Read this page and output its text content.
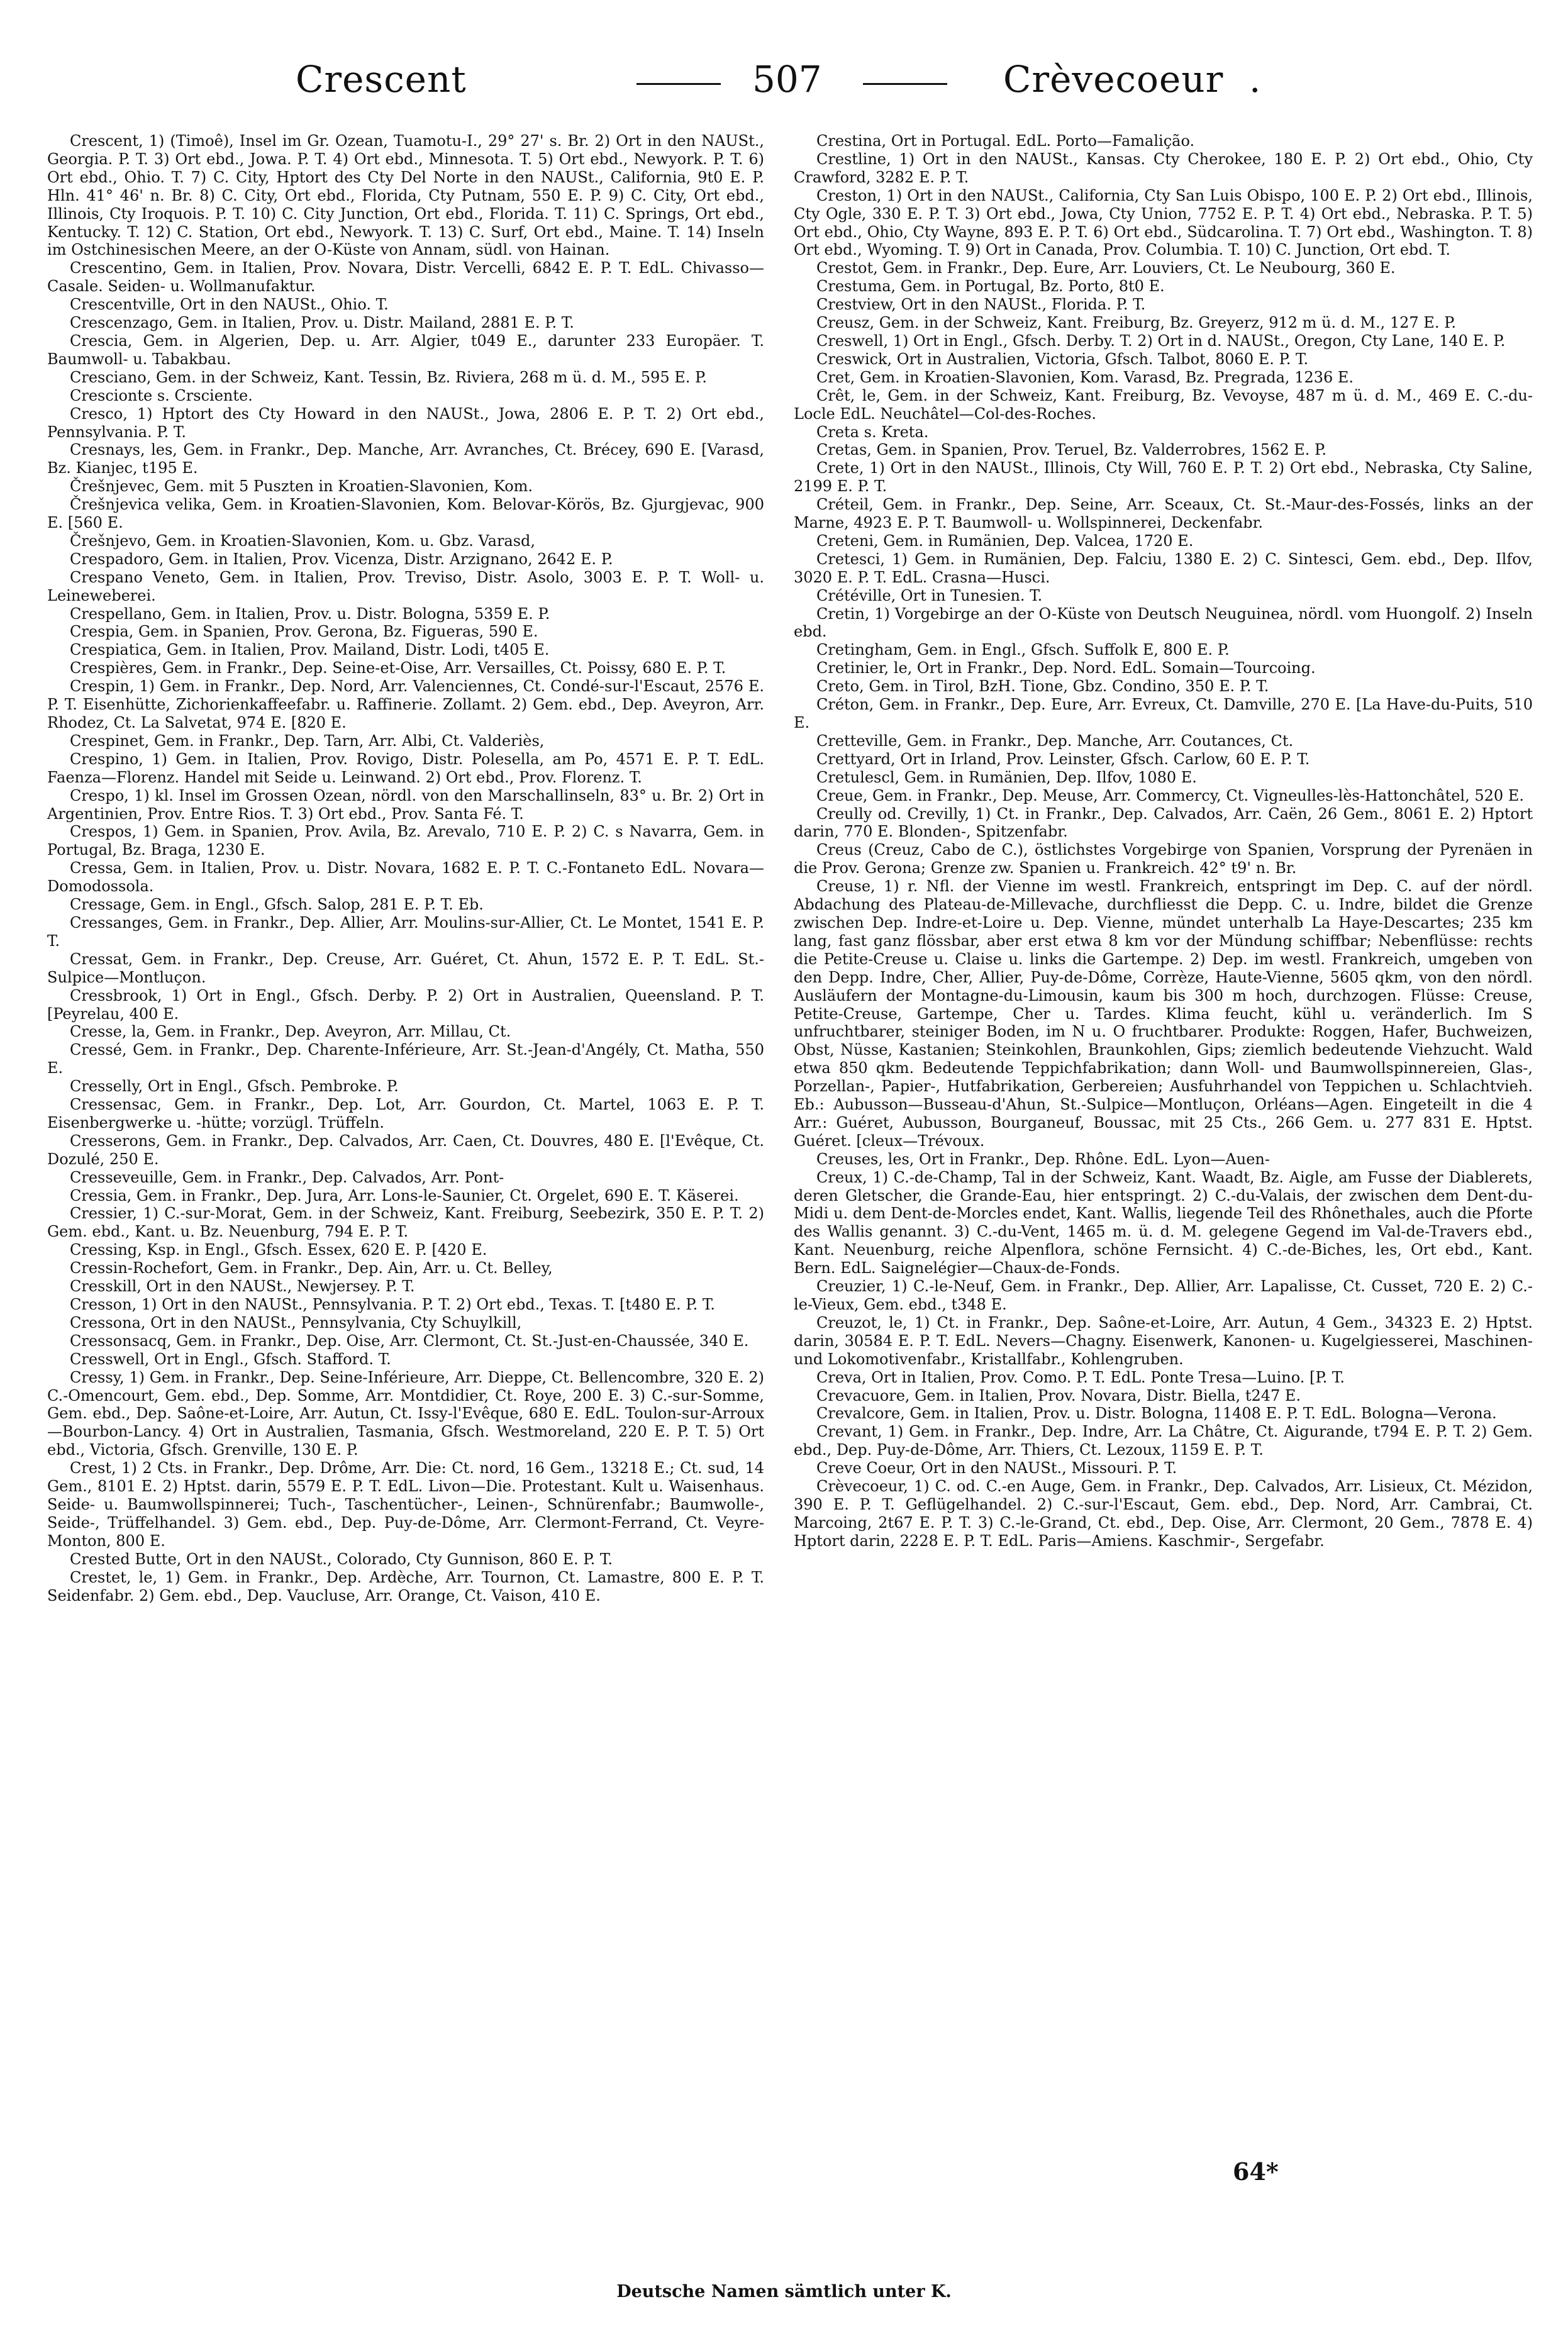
Crescent	507	Crèvecoeur .

Crescent, 1) (Timoê), Insel im Gr. Ozean, Tuamotu-I., 29° 27' s. Br. 2) Ort in den NAUSt., Georgia. P. T. 3) Ort ebd., Jowa. P. T. 4) Ort ebd., Minnesota. T. 5) Ort ebd., Newyork. P. T. 6) Ort ebd., Ohio. T. 7) C. City, Hptort des Cty Del Norte in den NAUSt., California, 9t0 E. P. Hln. 41° 46' n. Br. 8) C. City, Ort ebd., Florida, Cty Putnam, 550 E. P. 9) C. City, Ort ebd., Illinois, Cty Iroquois. P. T. 10) C. City Junction, Ort ebd., Florida. T. 11) C. Springs, Ort ebd., Kentucky. T. 12) C. Station, Ort ebd., Newyork. T. 13) C. Surf, Ort ebd., Maine. T. 14) Inseln im Ostchinesischen Meere, an der O-Küste von Annam, südl. von Hainan.

Crescentino, Gem. in Italien, Prov. Novara, Distr. Vercelli, 6842 E. P. T. EdL. Chivasso—Casale. Seiden- u. Wollmanufaktur.

Crescentville, Ort in den NAUSt., Ohio. T.

Crescenzago, Gem. in Italien, Prov. u. Distr. Mailand, 2881 E. P. T.

Crescia, Gem. in Algerien, Dep. u. Arr. Algier, t049 E., darunter 233 Europäer. T. Baumwoll- u. Tabakbau.

Cresciano, Gem. in der Schweiz, Kant. Tessin, Bz. Riviera, 268 m ü. d. M., 595 E. P.

Crescionte s. Crsciente.

Cresco, 1) Hptort des Cty Howard in den NAUSt., Jowa, 2806 E. P. T. 2) Ort ebd., Pennsylvania. P. T.

Cresnays, les, Gem. in Frankr., Dep. Manche, Arr. Avranches, Ct. Brécey, 690 E. [Varasd, Bz. Kianjec, t195 E.

Črešnjevec, Gem. mit 5 Puszten in Kroatien-Slavonien, Kom.

Črešnjevica velika, Gem. in Kroatien-Slavonien, Kom. Belovar-Körös, Bz. Gjurgjevac, 900 E. [560 E.

Črešnjevo, Gem. in Kroatien-Slavonien, Kom. u. Gbz. Varasd,

Crespadoro, Gem. in Italien, Prov. Vicenza, Distr. Arzignano, 2642 E. P.

Crespano Veneto, Gem. in Italien, Prov. Treviso, Distr. Asolo, 3003 E. P. T. Woll- u. Leineweberei.

Crespellano, Gem. in Italien, Prov. u. Distr. Bologna, 5359 E. P.

Crespia, Gem. in Spanien, Prov. Gerona, Bz. Figueras, 590 E.

Crespiatica, Gem. in Italien, Prov. Mailand, Distr. Lodi, t405 E.

Crespières, Gem. in Frankr., Dep. Seine-et-Oise, Arr. Versailles, Ct. Poissy, 680 E. P. T.

Crespin, 1) Gem. in Frankr., Dep. Nord, Arr. Valenciennes, Ct. Condé-sur-l'Escaut, 2576 E. P. T. Eisenhütte, Zichorienkaffeefabr. u. Raffinerie. Zollamt. 2) Gem. ebd., Dep. Aveyron, Arr. Rhodez, Ct. La Salvetat, 974 E. [820 E.

Crespinet, Gem. in Frankr., Dep. Tarn, Arr. Albi, Ct. Valderiès,

Crespino, 1) Gem. in Italien, Prov. Rovigo, Distr. Polesella, am Po, 4571 E. P. T. EdL. Faenza—Florenz. Handel mit Seide u. Leinwand. 2) Ort ebd., Prov. Florenz. T.

Crespo, 1) kl. Insel im Grossen Ozean, nördl. von den Marschallinseln, 83° u. Br. 2) Ort in Argentinien, Prov. Entre Rios. T. 3) Ort ebd., Prov. Santa Fé. T.

Crespos, 1) Gem. in Spanien, Prov. Avila, Bz. Arevalo, 710 E. P. 2) C. s Navarra, Gem. in Portugal, Bz. Braga, 1230 E.

Cressa, Gem. in Italien, Prov. u. Distr. Novara, 1682 E. P. T. C.-Fontaneto EdL. Novara—Domodossola.

Cressage, Gem. in Engl., Gfsch. Salop, 281 E. P. T. Eb.

Cressanges, Gem. in Frankr., Dep. Allier, Arr. Moulins-sur-Allier, Ct. Le Montet, 1541 E. P. T.

Cressat, Gem. in Frankr., Dep. Creuse, Arr. Guéret, Ct. Ahun, 1572 E. P. T. EdL. St.-Sulpice—Montluçon.

Cressbrook, 1) Ort in Engl., Gfsch. Derby. P. 2) Ort in Australien, Queensland. P. T. [Peyrelau, 400 E.

Cresse, la, Gem. in Frankr., Dep. Aveyron, Arr. Millau, Ct.

Cressé, Gem. in Frankr., Dep. Charente-Inférieure, Arr. St.-Jean-d'Angély, Ct. Matha, 550 E.

Cresselly, Ort in Engl., Gfsch. Pembroke. P.

Cressensac, Gem. in Frankr., Dep. Lot, Arr. Gourdon, Ct. Martel, 1063 E. P. T. Eisenbergwerke u. -hütte; vorzügl. Trüffeln.

Cresserons, Gem. in Frankr., Dep. Calvados, Arr. Caen, Ct. Douvres, 480 E. [l'Evêque, Ct. Dozulé, 250 E.

Cresseveuille, Gem. in Frankr., Dep. Calvados, Arr. Pont-

Cressia, Gem. in Frankr., Dep. Jura, Arr. Lons-le-Saunier, Ct. Orgelet, 690 E. T. Käserei.

Cressier, 1) C.-sur-Morat, Gem. in der Schweiz, Kant. Freiburg, Seebezirk, 350 E. P. T. 2) Gem. ebd., Kant. u. Bz. Neuenburg, 794 E. P. T.

Cressing, Ksp. in Engl., Gfsch. Essex, 620 E. P. [420 E.

Cressin-Rochefort, Gem. in Frankr., Dep. Ain, Arr. u. Ct. Belley,

Cresskill, Ort in den NAUSt., Newjersey. P. T.

Cresson, 1) Ort in den NAUSt., Pennsylvania. P. T. 2) Ort ebd., Texas. T. [t480 E. P. T.

Cressona, Ort in den NAUSt., Pennsylvania, Cty Schuylkill,

Cressonsacq, Gem. in Frankr., Dep. Oise, Arr. Clermont, Ct. St.-Just-en-Chaussée, 340 E.

Cresswell, Ort in Engl., Gfsch. Stafford. T.

Cressy, 1) Gem. in Frankr., Dep. Seine-Inférieure, Arr. Dieppe, Ct. Bellencombre, 320 E. 2) C.-Omencourt, Gem. ebd., Dep. Somme, Arr. Montdidier, Ct. Roye, 200 E. 3) C.-sur-Somme, Gem. ebd., Dep. Saône-et-Loire, Arr. Autun, Ct. Issy-l'Evêque, 680 E. EdL. Toulon-sur-Arroux—Bourbon-Lancy. 4) Ort in Australien, Tasmania, Gfsch. Westmoreland, 220 E. P. T. 5) Ort ebd., Victoria, Gfsch. Grenville, 130 E. P.

Crest, 1) 2 Cts. in Frankr., Dep. Drôme, Arr. Die: Ct. nord, 16 Gem., 13218 E.; Ct. sud, 14 Gem., 8101 E. 2) Hptst. darin, 5579 E. P. T. EdL. Livon—Die. Protestant. Kult u. Waisenhaus. Seide- u. Baumwollspinnerei; Tuch-, Taschentücher-, Leinen-, Schnürenfabr.; Baumwolle-, Seide-, Trüffelhandel. 3) Gem. ebd., Dep. Puy-de-Dôme, Arr. Clermont-Ferrand, Ct. Veyre-Monton, 800 E.

Crested Butte, Ort in den NAUSt., Colorado, Cty Gunnison, 860 E. P. T.

Crestet, le, 1) Gem. in Frankr., Dep. Ardèche, Arr. Tournon, Ct. Lamastre, 800 E. P. T. Seidenfabr. 2) Gem. ebd., Dep. Vaucluse, Arr. Orange, Ct. Vaison, 410 E.

Crestina, Ort in Portugal. EdL. Porto—Famalição.

Crestline, 1) Ort in den NAUSt., Kansas. Cty Cherokee, 180 E. P. 2) Ort ebd., Ohio, Cty Crawford, 3282 E. P. T.

Creston, 1) Ort in den NAUSt., California, Cty San Luis Obispo, 100 E. P. 2) Ort ebd., Illinois, Cty Ogle, 330 E. P. T. 3) Ort ebd., Jowa, Cty Union, 7752 E. P. T. 4) Ort ebd., Nebraska. P. T. 5) Ort ebd., Ohio, Cty Wayne, 893 E. P. T. 6) Ort ebd., Südcarolina. T. 7) Ort ebd., Washington. T. 8) Ort ebd., Wyoming. T. 9) Ort in Canada, Prov. Columbia. T. 10) C. Junction, Ort ebd. T.

Crestot, Gem. in Frankr., Dep. Eure, Arr. Louviers, Ct. Le Neubourg, 360 E.

Crestuma, Gem. in Portugal, Bz. Porto, 8t0 E.

Crestview, Ort in den NAUSt., Florida. P. T.

Creusz, Gem. in der Schweiz, Kant. Freiburg, Bz. Greyerz, 912 m ü. d. M., 127 E. P.

Creswell, 1) Ort in Engl., Gfsch. Derby. T. 2) Ort in d. NAUSt., Oregon, Cty Lane, 140 E. P.

Creswick, Ort in Australien, Victoria, Gfsch. Talbot, 8060 E. P. T.

Cret, Gem. in Kroatien-Slavonien, Kom. Varasd, Bz. Pregrada, 1236 E.

Crêt, le, Gem. in der Schweiz, Kant. Freiburg, Bz. Vevoyse, 487 m ü. d. M., 469 E. C.-du-Locle EdL. Neuchâtel—Col-des-Roches.

Creta s. Kreta.

Cretas, Gem. in Spanien, Prov. Teruel, Bz. Valderrobres, 1562 E. P.

Crete, 1) Ort in den NAUSt., Illinois, Cty Will, 760 E. P. T. 2) Ort ebd., Nebraska, Cty Saline, 2199 E. P. T.

Créteil, Gem. in Frankr., Dep. Seine, Arr. Sceaux, Ct. St.-Maur-des-Fossés, links an der Marne, 4923 E. P. T. Baumwoll- u. Wollspinnerei, Deckenfabr.

Creteni, Gem. in Rumänien, Dep. Valcea, 1720 E.

Cretesci, 1) Gem. in Rumänien, Dep. Falciu, 1380 E. 2) C. Sintesci, Gem. ebd., Dep. Ilfov, 3020 E. P. T. EdL. Crasna—Husci.

Crétéville, Ort in Tunesien. T.

Cretin, 1) Vorgebirge an der O-Küste von Deutsch Neuguinea, nördl. vom Huongolf. 2) Inseln ebd.

Cretingham, Gem. in Engl., Gfsch. Suffolk E, 800 E. P.

Cretinier, le, Ort in Frankr., Dep. Nord. EdL. Somain—Tourcoing.

Creto, Gem. in Tirol, BzH. Tione, Gbz. Condino, 350 E. P. T.

Créton, Gem. in Frankr., Dep. Eure, Arr. Evreux, Ct. Damville, 270 E. [La Have-du-Puits, 510 E.

Cretteville, Gem. in Frankr., Dep. Manche, Arr. Coutances, Ct.

Crettyard, Ort in Irland, Prov. Leinster, Gfsch. Carlow, 60 E. P. T.

Cretulescl, Gem. in Rumänien, Dep. Ilfov, 1080 E.

Creue, Gem. in Frankr., Dep. Meuse, Arr. Commercy, Ct. Vigneulles-lès-Hattonchâtel, 520 E.

Creully od. Crevilly, 1) Ct. in Frankr., Dep. Calvados, Arr. Caën, 26 Gem., 8061 E. 2) Hptort darin, 770 E. Blonden-, Spitzenfabr.

Creus (Creuz, Cabo de C.), östlichstes Vorgebirge von Spanien, Vorsprung der Pyrenäen in die Prov. Gerona; Grenze zw. Spanien u. Frankreich. 42° t9' n. Br.

Creuse, 1) r. Nfl. der Vienne im westl. Frankreich, entspringt im Dep. C. auf der nördl. Abdachung des Plateau-de-Millevache, durchfliesst die Depp. C. u. Indre, bildet die Grenze zwischen Dep. Indre-et-Loire u. Dep. Vienne, mündet unterhalb La Haye-Descartes; 235 km lang, fast ganz flössbar, aber erst etwa 8 km vor der Mündung schiffbar; Nebenflüsse: rechts die Petite-Creuse u. Claise u. links die Gartempe. 2) Dep. im westl. Frankreich, umgeben von den Depp. Indre, Cher, Allier, Puy-de-Dôme, Corrèze, Haute-Vienne, 5605 qkm, von den nördl. Ausläufern der Montagne-du-Limousin, kaum bis 300 m hoch, durchzogen. Flüsse: Creuse, Petite-Creuse, Gartempe, Cher u. Tardes. Klima feucht, kühl u. veränderlich. Im S unfruchtbarer, steiniger Boden, im N u. O fruchtbarer. Produkte: Roggen, Hafer, Buchweizen, Obst, Nüsse, Kastanien; Steinkohlen, Braunkohlen, Gips; ziemlich bedeutende Viehzucht. Wald etwa 850 qkm. Bedeutende Teppichfabrikation; dann Woll- und Baumwollspinnereien, Glas-, Porzellan-, Papier-, Hutfabrikation, Gerbereien; Ausfuhrhandel von Teppichen u. Schlachtvieh. Eb.: Aubusson—Busseau-d'Ahun, St.-Sulpice—Montluçon, Orléans—Agen. Eingeteilt in die 4 Arr.: Guéret, Aubusson, Bourganeuf, Boussac, mit 25 Cts., 266 Gem. u. 277 831 E. Hptst. Guéret. [cleux—Trévoux.

Creuses, les, Ort in Frankr., Dep. Rhône. EdL. Lyon—Auen-

Creux, 1) C.-de-Champ, Tal in der Schweiz, Kant. Waadt, Bz. Aigle, am Fusse der Diablerets, deren Gletscher, die Grande-Eau, hier entspringt. 2) C.-du-Valais, der zwischen dem Dent-du-Midi u. dem Dent-de-Morcles endet, Kant. Wallis, liegende Teil des Rhônethales, auch die Pforte des Wallis genannt. 3) C.-du-Vent, 1465 m. ü. d. M. gelegene Gegend im Val-de-Travers ebd., Kant. Neuenburg, reiche Alpenflora, schöne Fernsicht. 4) C.-de-Biches, les, Ort ebd., Kant. Bern. EdL. Saignelégier—Chaux-de-Fonds.

Creuzier, 1) C.-le-Neuf, Gem. in Frankr., Dep. Allier, Arr. Lapalisse, Ct. Cusset, 720 E. 2) C.-le-Vieux, Gem. ebd., t348 E.

Creuzot, le, 1) Ct. in Frankr., Dep. Saône-et-Loire, Arr. Autun, 4 Gem., 34323 E. 2) Hptst. darin, 30584 E. P. T. EdL. Nevers—Chagny. Eisenwerk, Kanonen- u. Kugelgiesserei, Maschinen- und Lokomotivenfabr., Kristallfabr., Kohlengruben.

Creva, Ort in Italien, Prov. Como. P. T. EdL. Ponte Tresa—Luino. [P. T.

Crevacuore, Gem. in Italien, Prov. Novara, Distr. Biella, t247 E.

Crevalcore, Gem. in Italien, Prov. u. Distr. Bologna, 11408 E. P. T. EdL. Bologna—Verona.

Crevant, 1) Gem. in Frankr., Dep. Indre, Arr. La Châtre, Ct. Aigurande, t794 E. P. T. 2) Gem. ebd., Dep. Puy-de-Dôme, Arr. Thiers, Ct. Lezoux, 1159 E. P. T.

Creve Coeur, Ort in den NAUSt., Missouri. P. T.

Crèvecoeur, 1) C. od. C.-en Auge, Gem. in Frankr., Dep. Calvados, Arr. Lisieux, Ct. Mézidon, 390 E. P. T. Geflügelhandel. 2) C.-sur-l'Escaut, Gem. ebd., Dep. Nord, Arr. Cambrai, Ct. Marcoing, 2t67 E. P. T. 3) C.-le-Grand, Ct. ebd., Dep. Oise, Arr. Clermont, 20 Gem., 7878 E. 4) Hptort darin, 2228 E. P. T. EdL. Paris—Amiens. Kaschmir-, Sergefabr.

64*
Deutsche Namen sämtlich unter K.
